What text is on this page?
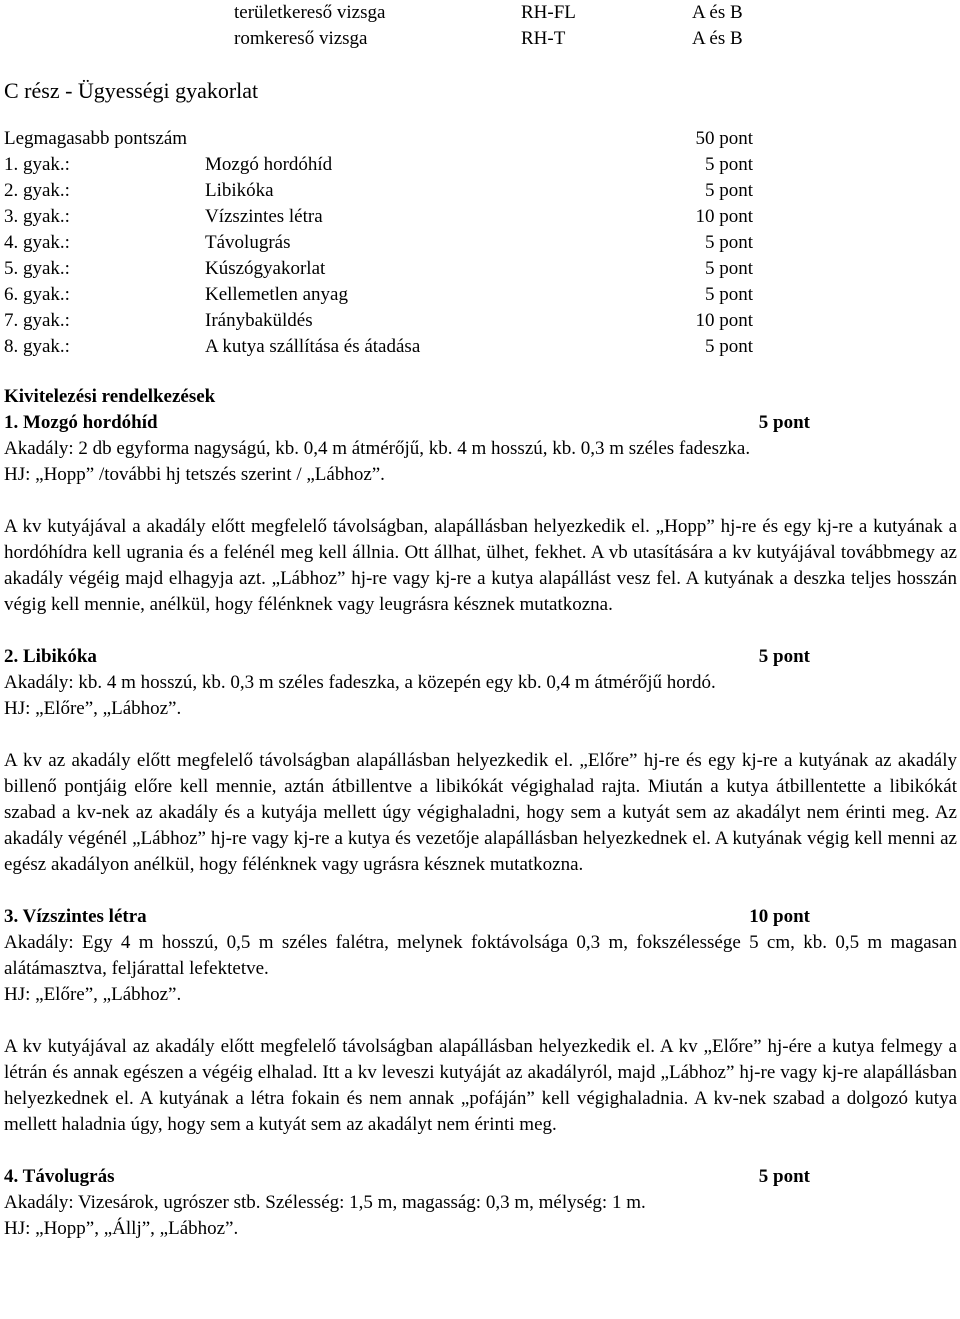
területkereső vizsga	RH-FL	A és B
romkereső vizsga	RH-T	A és B
C rész - Ügyességi gyakorlat
Legmagasabb pontszám	50 pont
1. gyak.:	Mozgó hordóhíd	5 pont
2. gyak.:	Libikóka	5 pont
3. gyak.:	Vízszintes létra	10 pont
4. gyak.:	Távolugrás	5 pont
5. gyak.:	Kúszógyakorlat	5 pont
6. gyak.:	Kellemetlen anyag	5 pont
7. gyak.:	Iránybaküldés	10 pont
8. gyak.:	A kutya szállítása és átadása	5 pont
Kivitelezési rendelkezések
1. Mozgó hordóhíd	5 pont
Akadály: 2 db egyforma nagyságú, kb. 0,4 m átmérőjű, kb. 4 m hosszú, kb. 0,3 m széles fadeszka.
HJ: „Hopp” /további hj tetszés szerint / „Lábhoz”.
A kv kutyájával a akadály előtt megfelelő távolságban, alapállásban helyezkedik el. „Hopp” hj-re és egy kj-re a kutyának a hordóhídra kell ugrania és a felénél meg kell állnia. Ott állhat, ülhet, fekhet. A vb utasítására a kv kutyájával továbbmegy az akadály végéig majd elhagyja azt. „Lábhoz” hj-re vagy kj-re a kutya alapállást vesz fel. A kutyának a deszka teljes hosszán végig kell mennie, anélkül, hogy félénknek vagy leugrásra késznek mutatkozna.
2. Libikóka	5 pont
Akadály: kb. 4 m hosszú, kb. 0,3 m széles fadeszka, a közepén egy kb. 0,4 m átmérőjű hordó.
HJ: „Előre”, „Lábhoz”.
A kv az akadály előtt megfelelő távolságban alapállásban helyezkedik el. „Előre” hj-re és egy kj-re a kutyának az akadály billenő pontjáig előre kell mennie, aztán átbillentve a libikókát végighalad rajta. Miután a kutya átbillentette a libikókát szabad a kv-nek az akadály és a kutyája mellett úgy végighaladni, hogy sem a kutyát sem az akadályt nem érinti meg. Az akadály végénél „Lábhoz” hj-re vagy kj-re a kutya és vezetője alapállásban helyezkednek el. A kutyának végig kell menni az egész akadályon anélkül, hogy félénknek vagy ugrásra késznek mutatkozna.
3. Vízszintes létra	10 pont
Akadály: Egy 4 m hosszú, 0,5 m széles falétra, melynek foktávolsága 0,3 m, fokszélessége 5 cm, kb. 0,5 m magasan alátámasztva, feljárattal lefektetve.
HJ: „Előre”, „Lábhoz”.
A kv kutyájával az akadály előtt megfelelő távolságban alapállásban helyezkedik el. A kv „Előre” hj-ére a kutya felmegy a létrán és annak egészen a végéig elhalad. Itt a kv leveszi kutyáját az akadályról, majd „Lábhoz” hj-re vagy kj-re alapállásban helyezkednek el. A kutyának a létra fokain és nem annak „pofáján” kell végighaladnia. A kv-nek szabad a dolgozó kutya mellett haladnia úgy, hogy sem a kutyát sem az akadályt nem érinti meg.
4. Távolugrás	5 pont
Akadály: Vizesárok, ugrószer stb. Szélesség: 1,5 m, magasság: 0,3 m, mélység: 1 m.
HJ: „Hopp”, „Állj”, „Lábhoz”.
